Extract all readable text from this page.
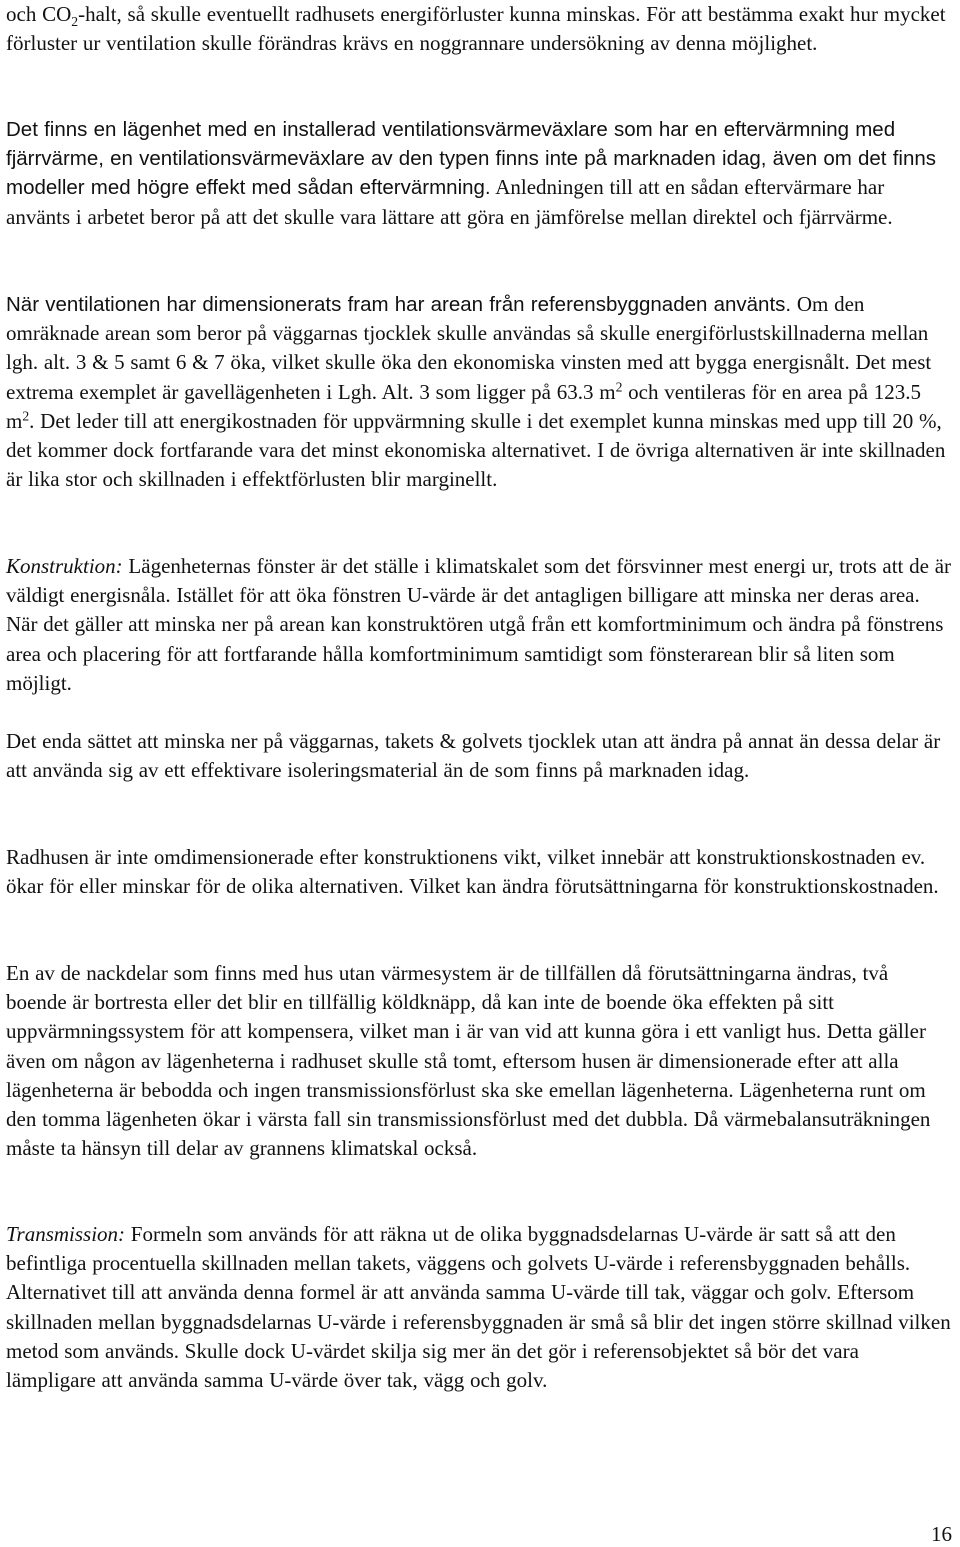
och $CO_2$-halt, så skulle eventuellt radhusets energiförluster kunna minskas. För att bestämma exakt hur mycket förluster ur ventilation skulle förändras krävs en noggrannare undersökning av denna möjlighet.

Det finns en lägenhet med en installerad ventilationsvärmeväxlare som har en eftervärmning med fjärrvärme, en ventilationsvärmeväxlare av den typen finns inte på marknaden idag, även om det finns modeller med högre effekt med sådan eftervärmning. Anledningen till att en sådan eftervärmare har använts i arbetet beror på att det skulle vara lättare att göra en jämförelse mellan direktel och fjärrvärme.

När ventilationen har dimensionerats fram har arean från referensbyggnaden använts. Om den omräknade arean som beror på väggarnas tjocklek skulle användas så skulle energiförlustskillnaderna mellan lgh. alt. 3 & 5 samt 6 & 7 öka, vilket skulle öka den ekonomiska vinsten med att bygga energisnålt. Det mest extrema exemplet är gavellägenheten i Lgh. Alt. 3 som ligger på 63.3 $m^2$ och ventileras för en area på 123.5 $m^2$. Det leder till att energikostnaden för uppvärmning skulle i det exemplet kunna minskas med upp till 20 %, det kommer dock fortfarande vara det minst ekonomiska alternativet. I de övriga alternativen är inte skillnaden är lika stor och skillnaden i effektförlusten blir marginellt.

Konstruktion: Lägenheternas fönster är det ställe i klimatskalet som det försvinner mest energi ur, trots att de är väldigt energisnåla. Istället för att öka fönstren U-värde är det antagligen billigare att minska ner deras area. När det gäller att minska ner på arean kan konstruktören utgå från ett komfortminimum och ändra på fönstrens area och placering för att fortfarande hålla komfortminimum samtidigt som fönsterarean blir så liten som möjligt.

Det enda sättet att minska ner på väggarnas, takets & golvets tjocklek utan att ändra på annat än dessa delar är att använda sig av ett effektivare isoleringsmaterial än de som finns på marknaden idag.

Radhusen är inte omdimensionerade efter konstruktionens vikt, vilket innebär att konstruktionskostnaden ev. ökar för eller minskar för de olika alternativen. Vilket kan ändra förutsättningarna för konstruktionskostnaden.

En av de nackdelar som finns med hus utan värmesystem är de tillfällen då förutsättningarna ändras, två boende är bortresta eller det blir en tillfällig köldknäpp, då kan inte de boende öka effekten på sitt uppvärmningssystem för att kompensera, vilket man i är van vid att kunna göra i ett vanligt hus. Detta gäller även om någon av lägenheterna i radhuset skulle stå tomt, eftersom husen är dimensionerade efter att alla lägenheterna är bebodda och ingen transmissionsförlust ska ske emellan lägenheterna. Lägenheterna runt om den tomma lägenheten ökar i värsta fall sin transmissionsförlust med det dubbla. Då värmebalansuträkningen måste ta hänsyn till delar av grannens klimatskal också.

Transmission: Formeln som används för att räkna ut de olika byggnadsdelarnas U-värde är satt så att den befintliga procentuella skillnaden mellan takets, väggens och golvets U-värde i referensbyggnaden behålls. Alternativet till att använda denna formel är att använda samma U-värde till tak, väggar och golv. Eftersom skillnaden mellan byggnadsdelarnas U-värde i referensbyggnaden är små så blir det ingen större skillnad vilken metod som används. Skulle dock U-värdet skilja sig mer än det gör i referensobjektet så bör det vara lämpligare att använda samma U-värde över tak, vägg och golv.

16
